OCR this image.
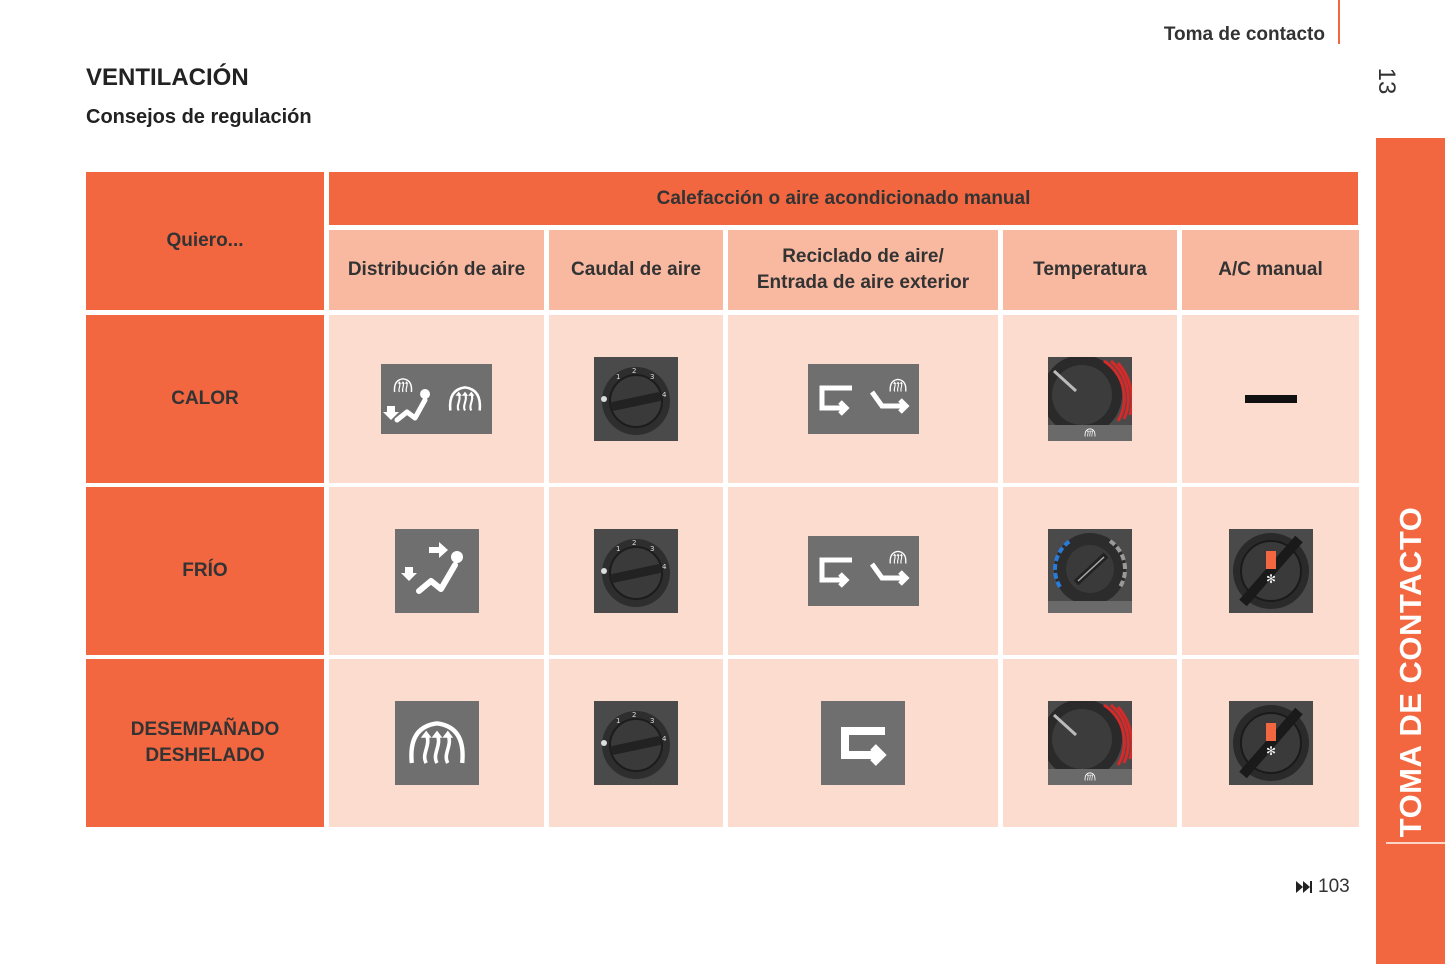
Toma de contacto
13
TOMA DE CONTACTO
VENTILACIÓN
Consejos de regulación
Quiero...
Calefacción o aire acondicionado manual
Distribución de aire Caudal de aire
Reciclado de aire/
Entrada de aire exterior
Temperatura	A/C manual
CALOR
1
2
3
4
FRÍO
1
2
3
4
✻
DESEMPAÑADO
DESHELADO
1
2
3
4
✻
103
